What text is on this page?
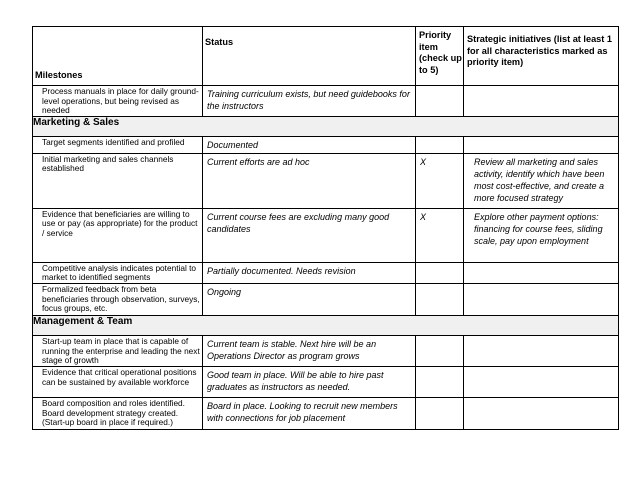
Milestones	Status	Priority item (check up to 5)	Strategic initiatives (list at least 1 for all characteristics marked as priority item)
Process manuals in place for daily ground-level operations, but being revised as needed	Training curriculum exists, but need guidebooks for the instructors		
Marketing & Sales			
Target segments identified and profiled	Documented		
Initial marketing and sales channels established	Current efforts are ad hoc	X	Review all marketing and sales activity, identify which have been most cost-effective, and create a more focused strategy
Evidence that beneficiaries are willing to use or pay (as appropriate) for the product / service	Current course fees are excluding many good candidates	X	Explore other payment options: financing for course fees, sliding scale, pay upon employment
Competitive analysis indicates potential to market to identified segments	Partially documented. Needs revision		
Formalized feedback from beta beneficiaries through observation, surveys, focus groups, etc.	Ongoing		
Management & Team			
Start-up team in place that is capable of running the enterprise and leading the next stage of growth	Current team is stable. Next hire will be an Operations Director as program grows		
Evidence that critical operational positions can be sustained by available workforce	Good team in place. Will be able to hire past graduates as instructors as needed.		
Board composition and roles identified. Board development strategy created. (Start-up board in place if required.)	Board in place. Looking to recruit new members with connections for job placement		
